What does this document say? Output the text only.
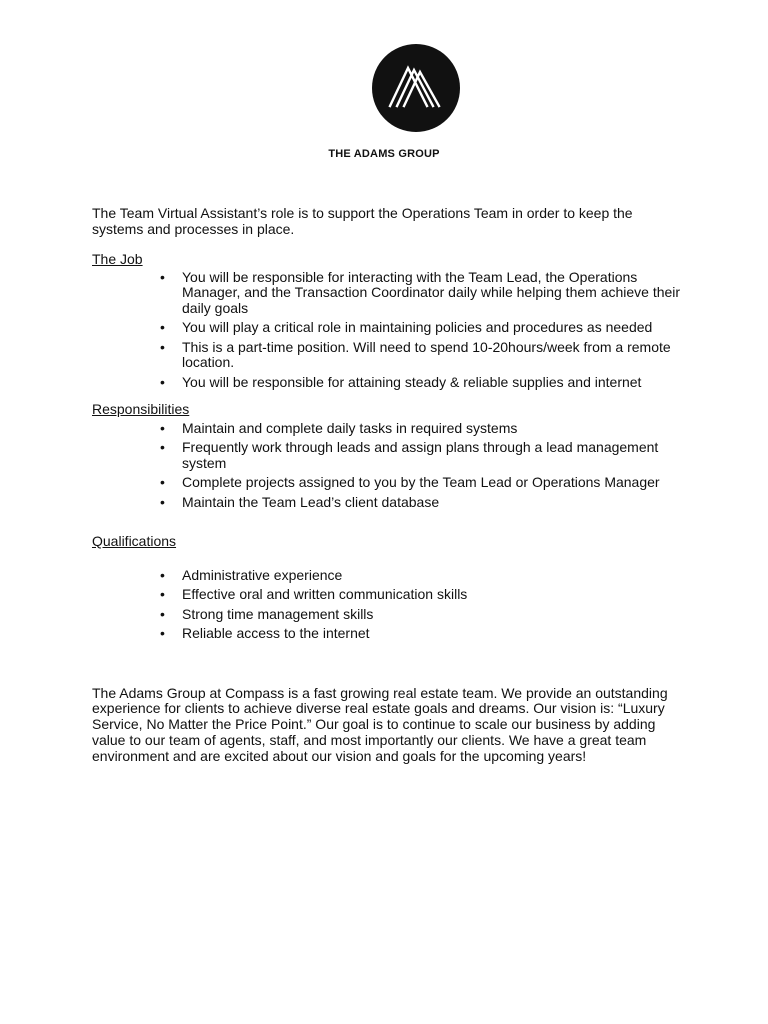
THE ADAMS GROUP

The Team Virtual Assistant’s role is to support the Operations Team in order to keep the systems and processes in place.

The Job

• You will be responsible for interacting with the Team Lead, the Operations Manager, and the Transaction Coordinator daily while helping them achieve their daily goals
• You will play a critical role in maintaining policies and procedures as needed
• This is a part-time position. Will need to spend 10-20hours/week from a remote location.
• You will be responsible for attaining steady & reliable supplies and internet

Responsibilities

• Maintain and complete daily tasks in required systems
• Frequently work through leads and assign plans through a lead management system
• Complete projects assigned to you by the Team Lead or Operations Manager
• Maintain the Team Lead’s client database

Qualifications

• Administrative experience
• Effective oral and written communication skills
• Strong time management skills
• Reliable access to the internet

The Adams Group at Compass is a fast growing real estate team. We provide an outstanding experience for clients to achieve diverse real estate goals and dreams. Our vision is: “Luxury Service, No Matter the Price Point.” Our goal is to continue to scale our business by adding value to our team of agents, staff, and most importantly our clients. We have a great team environment and are excited about our vision and goals for the upcoming years!
